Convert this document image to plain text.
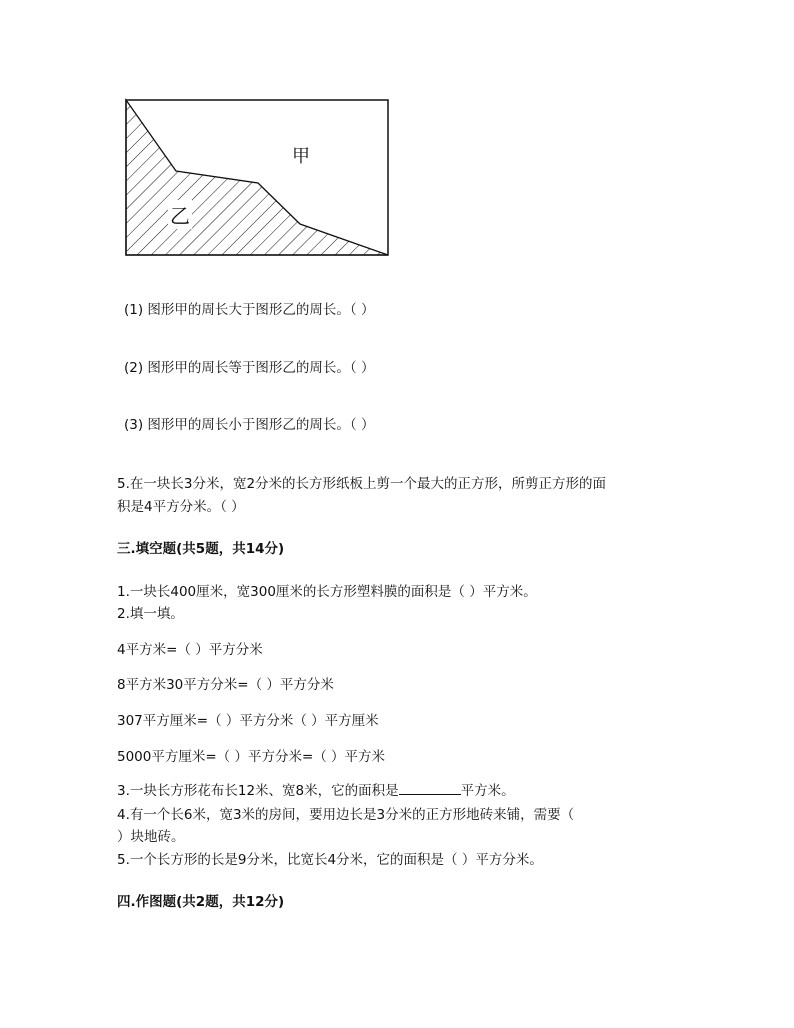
甲
乙
(1) 图形甲的周长大于图形乙的周长。（ ）
(2) 图形甲的周长等于图形乙的周长。（ ）
(3) 图形甲的周长小于图形乙的周长。（ ）
5.在一块长3分米，宽2分米的长方形纸板上剪一个最大的正方形，所剪正方形的面
积是4平方分米。（ ）
三.填空题(共5题，共14分)
1.一块长400厘米，宽300厘米的长方形塑料膜的面积是（ ）平方米。
2.填一填。
4平方米=（ ）平方分米
8平方米30平方分米=（ ）平方分米
307平方厘米=（ ）平方分米（ ）平方厘米
5000平方厘米=（ ）平方分米=（ ）平方米
3.一块长方形花布长12米、宽8米，它的面积是	平方米。
4.有一个长6米，宽3米的房间，要用边长是3分米的正方形地砖来铺，需要（
）块地砖。
5.一个长方形的长是9分米，比宽长4分米，它的面积是（ ）平方分米。
四.作图题(共2题，共12分)
